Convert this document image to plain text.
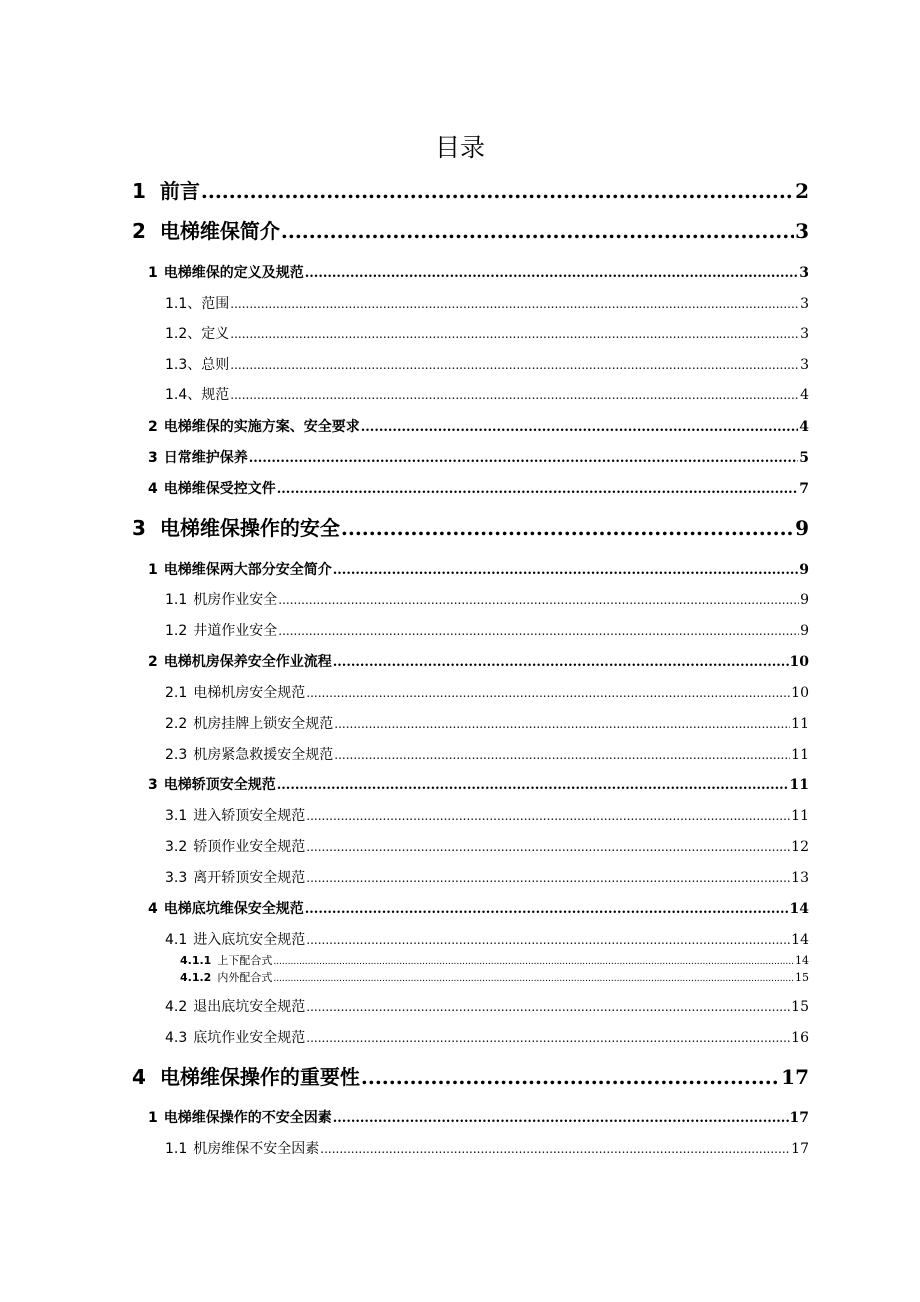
目录
1 前言 .....	2
2 电梯维保简介 .....	3
1 电梯维保的定义及规范 .....	3
1.1、范围 .....	3
1.2、定义 .....	3
1.3、总则 .....	3
1.4、规范 .....	4
2 电梯维保的实施方案、安全要求 .....	4
3 日常维护保养 .....	5
4 电梯维保受控文件 .....	7
3 电梯维保操作的安全 .....	9
1 电梯维保两大部分安全简介 .....	9
1.1 机房作业安全 .....	9
1.2 井道作业安全 .....	9
2 电梯机房保养安全作业流程 .....	10
2.1 电梯机房安全规范 .....	10
2.2 机房挂牌上锁安全规范 .....	11
2.3 机房紧急救援安全规范 .....	11
3 电梯轿顶安全规范 .....	11
3.1 进入轿顶安全规范 .....	11
3.2 轿顶作业安全规范 .....	12
3.3 离开轿顶安全规范 .....	13
4 电梯底坑维保安全规范 .....	14
4.1 进入底坑安全规范 .....	14
4.1.1 上下配合式 .....	14
4.1.2 内外配合式 .....	15
4.2 退出底坑安全规范 .....	15
4.3 底坑作业安全规范 .....	16
4 电梯维保操作的重要性 .....	17
1 电梯维保操作的不安全因素 .....	17
1.1 机房维保不安全因素 .....	17
